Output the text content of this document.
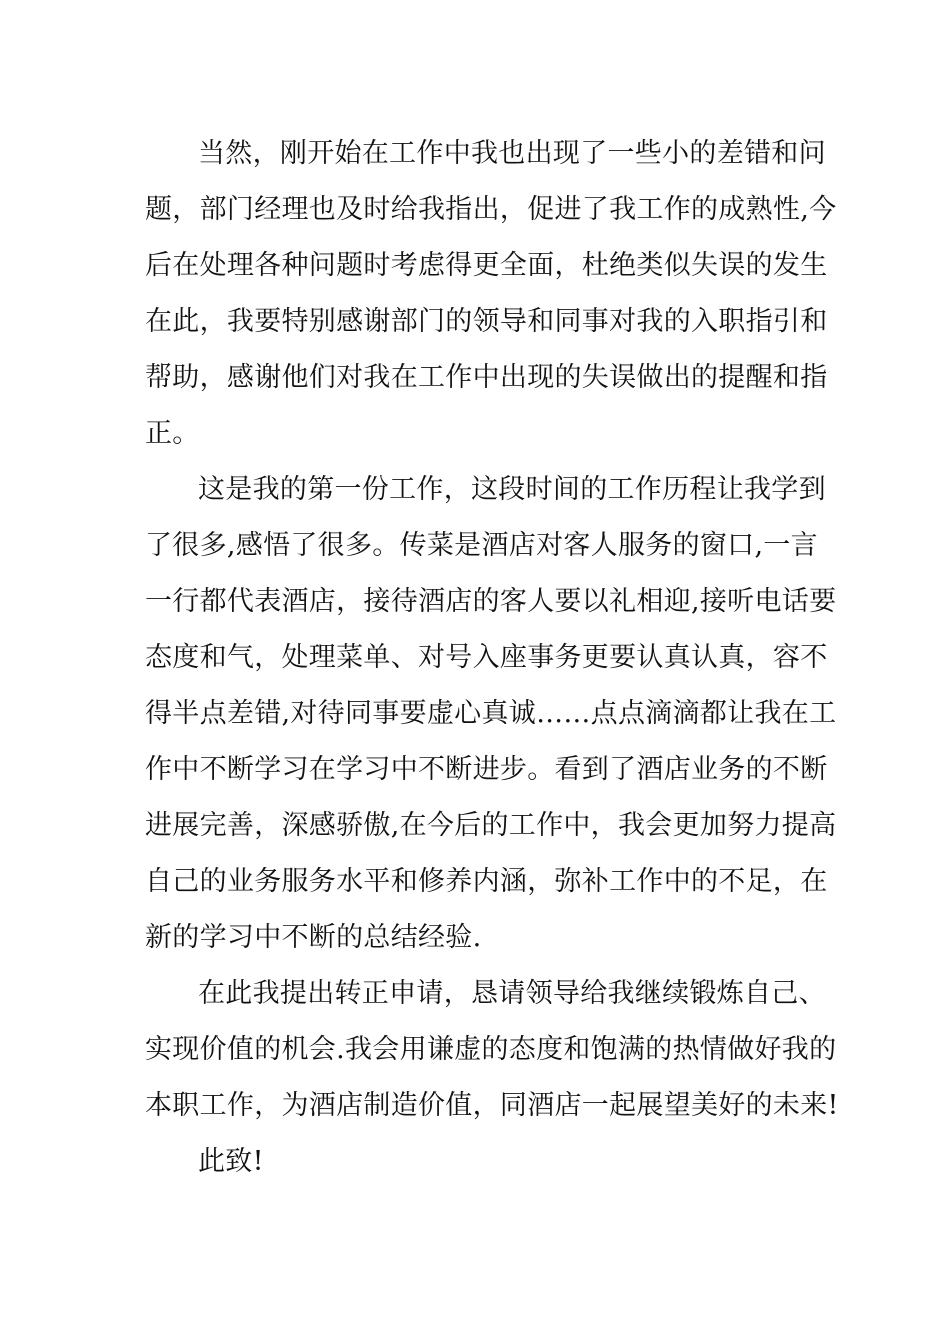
当然，刚开始在工作中我也出现了一些小的差错和问
题，部门经理也及时给我指出，促进了我工作的成熟性,今
后在处理各种问题时考虑得更全面，杜绝类似失误的发生
在此，我要特别感谢部门的领导和同事对我的入职指引和
帮助，感谢他们对我在工作中出现的失误做出的提醒和指
正。
这是我的第一份工作，这段时间的工作历程让我学到
了很多,感悟了很多。传菜是酒店对客人服务的窗口,一言
一行都代表酒店，接待酒店的客人要以礼相迎,接听电话要
态度和气，处理菜单、对号入座事务更要认真认真，容不
得半点差错,对待同事要虚心真诚……点点滴滴都让我在工
作中不断学习在学习中不断进步。看到了酒店业务的不断
进展完善，深感骄傲,在今后的工作中，我会更加努力提高
自己的业务服务水平和修养内涵，弥补工作中的不足，在
新的学习中不断的总结经验.
在此我提出转正申请，恳请领导给我继续锻炼自己、
实现价值的机会.我会用谦虚的态度和饱满的热情做好我的
本职工作，为酒店制造价值，同酒店一起展望美好的未来!
此致!
